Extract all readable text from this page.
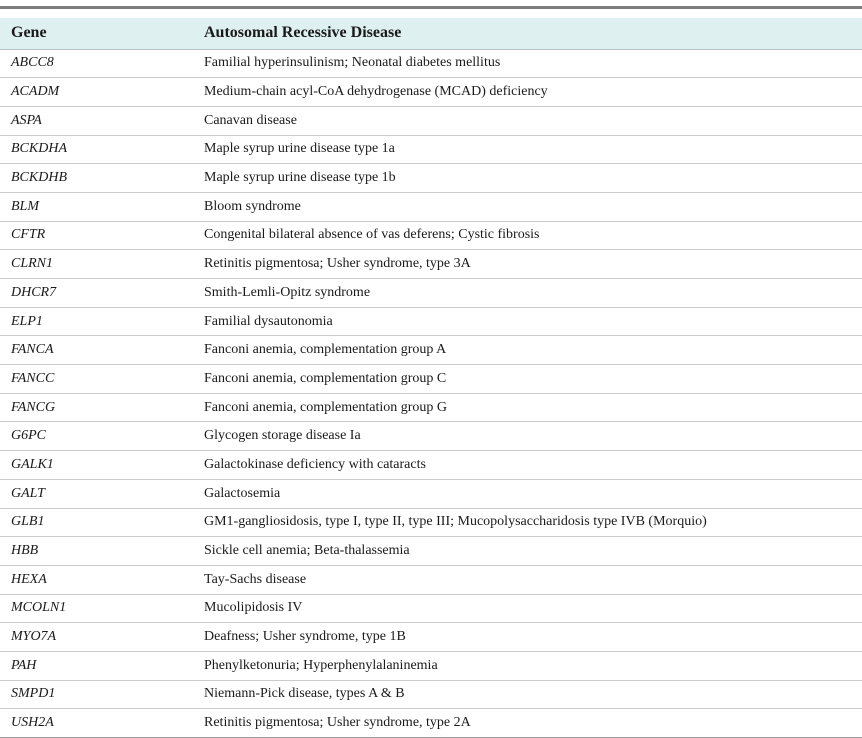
Gene	Autosomal Recessive Disease
ABCC8	Familial hyperinsulinism; Neonatal diabetes mellitus
ACADM	Medium-chain acyl-CoA dehydrogenase (MCAD) deficiency
ASPA	Canavan disease
BCKDHA	Maple syrup urine disease type 1a
BCKDHB	Maple syrup urine disease type 1b
BLM	Bloom syndrome
CFTR	Congenital bilateral absence of vas deferens; Cystic fibrosis
CLRN1	Retinitis pigmentosa; Usher syndrome, type 3A
DHCR7	Smith-Lemli-Opitz syndrome
ELP1	Familial dysautonomia
FANCA	Fanconi anemia, complementation group A
FANCC	Fanconi anemia, complementation group C
FANCG	Fanconi anemia, complementation group G
G6PC	Glycogen storage disease Ia
GALK1	Galactokinase deficiency with cataracts
GALT	Galactosemia
GLB1	GM1-gangliosidosis, type I, type II, type III; Mucopolysaccharidosis type IVB (Morquio)
HBB	Sickle cell anemia; Beta-thalassemia
HEXA	Tay-Sachs disease
MCOLN1	Mucolipidosis IV
MYO7A	Deafness; Usher syndrome, type 1B
PAH	Phenylketonuria; Hyperphenylalaninemia
SMPD1	Niemann-Pick disease, types A & B
USH2A	Retinitis pigmentosa; Usher syndrome, type 2A
